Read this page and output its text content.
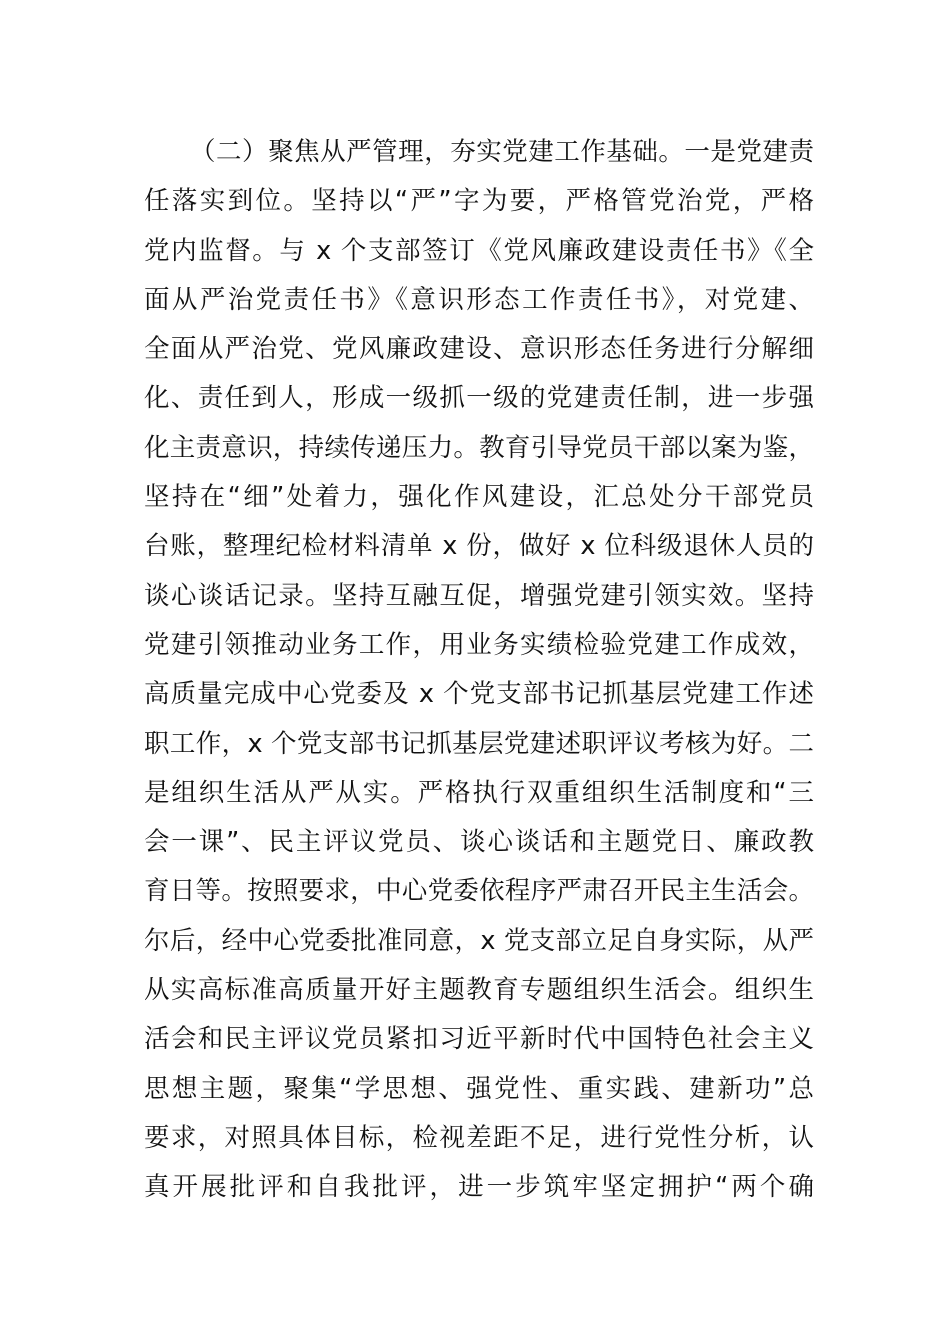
（二）聚焦从严管理，夯实党建工作基础。一是党建责
任落实到位。坚持以“严”字为要，严格管党治党，严格
党内监督。与 x 个支部签订《党风廉政建设责任书》《全
面从严治党责任书》《意识形态工作责任书》，对党建、
全面从严治党、党风廉政建设、意识形态任务进行分解细
化、责任到人，形成一级抓一级的党建责任制，进一步强
化主责意识，持续传递压力。教育引导党员干部以案为鉴，
坚持在“细”处着力，强化作风建设，汇总处分干部党员
台账，整理纪检材料清单 x 份，做好 x 位科级退休人员的
谈心谈话记录。坚持互融互促，增强党建引领实效。坚持
党建引领推动业务工作，用业务实绩检验党建工作成效，
高质量完成中心党委及 x 个党支部书记抓基层党建工作述
职工作，x 个党支部书记抓基层党建述职评议考核为好。二
是组织生活从严从实。严格执行双重组织生活制度和“三
会一课”、民主评议党员、谈心谈话和主题党日、廉政教
育日等。按照要求，中心党委依程序严肃召开民主生活会。
尔后，经中心党委批准同意，x 党支部立足自身实际，从严
从实高标准高质量开好主题教育专题组织生活会。组织生
活会和民主评议党员紧扣习近平新时代中国特色社会主义
思想主题，聚集“学思想、强党性、重实践、建新功”总
要求，对照具体目标，检视差距不足，进行党性分析，认
真开展批评和自我批评，进一步筑牢坚定拥护“两个确
